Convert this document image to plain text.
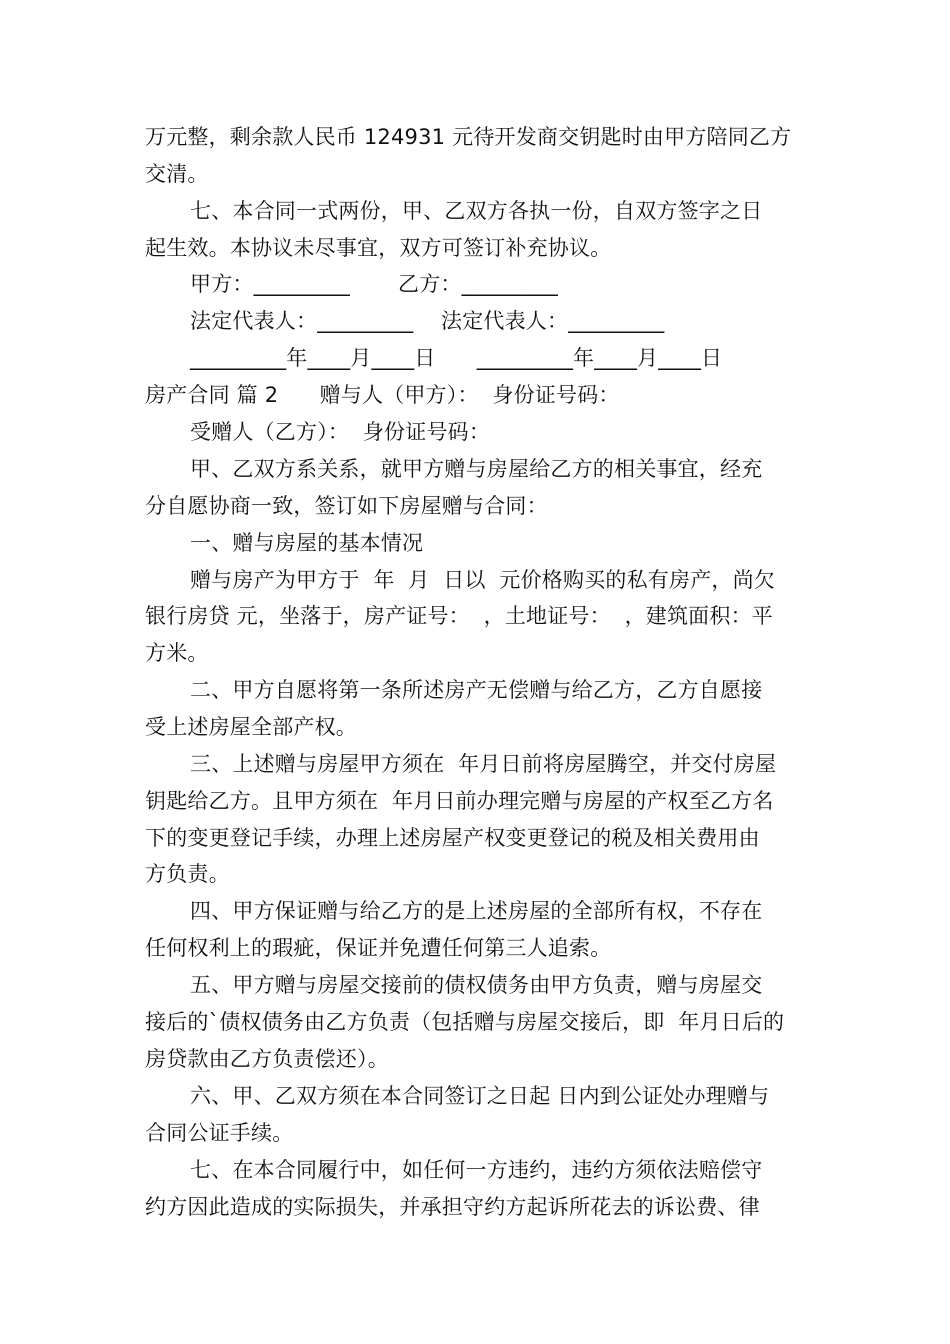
万元整，剩余款人民币 124931 元待开发商交钥匙时由甲方陪同乙方
交清。
七、本合同一式两份，甲、乙双方各执一份，自双方签字之日
起生效。本协议未尽事宜，双方可签订补充协议。
甲方：_________       乙方：_________
法定代表人：_________    法定代表人：_________
_________年____月____日      _________年____月____日
房产合同 篇 2      赠与人（甲方）：  身份证号码：
受赠人（乙方）：  身份证号码：
甲、乙双方系关系，就甲方赠与房屋给乙方的相关事宜，经充
分自愿协商一致，签订如下房屋赠与合同：
一、赠与房屋的基本情况
赠与房产为甲方于  年  月  日以  元价格购买的私有房产，尚欠
银行房贷 元，坐落于，房产证号：  ，土地证号：  ，建筑面积：平
方米。
二、甲方自愿将第一条所述房产无偿赠与给乙方，乙方自愿接
受上述房屋全部产权。
三、上述赠与房屋甲方须在  年月日前将房屋腾空，并交付房屋
钥匙给乙方。且甲方须在  年月日前办理完赠与房屋的产权至乙方名
下的变更登记手续，办理上述房屋产权变更登记的税及相关费用由
方负责。
四、甲方保证赠与给乙方的是上述房屋的全部所有权，不存在
任何权利上的瑕疵，保证并免遭任何第三人追索。
五、甲方赠与房屋交接前的债权债务由甲方负责，赠与房屋交
接后的`债权债务由乙方负责（包括赠与房屋交接后，即  年月日后的
房贷款由乙方负责偿还）。
六、甲、乙双方须在本合同签订之日起 日内到公证处办理赠与
合同公证手续。
七、在本合同履行中，如任何一方违约，违约方须依法赔偿守
约方因此造成的实际损失，并承担守约方起诉所花去的诉讼费、律
